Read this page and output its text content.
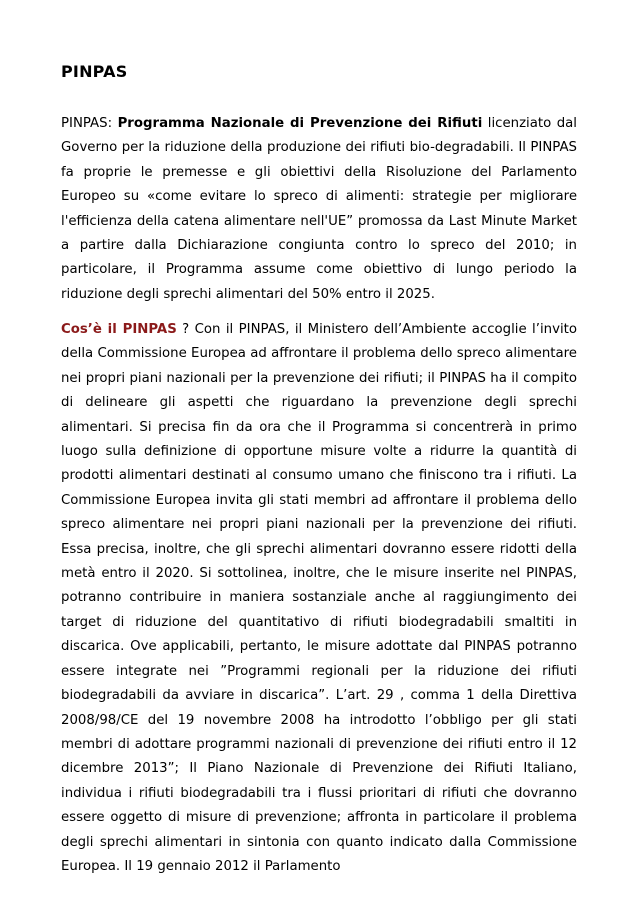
PINPAS

PINPAS: Programma Nazionale di Prevenzione dei Rifiuti licenziato dal Governo per la riduzione della produzione dei rifiuti bio-degradabili. Il PINPAS fa proprie le premesse e gli obiettivi della Risoluzione del Parlamento Europeo su «come evitare lo spreco di alimenti: strategie per migliorare l'efficienza della catena alimentare nell'UE” promossa da Last Minute Market a partire dalla Dichiarazione congiunta contro lo spreco del 2010; in particolare, il Programma assume come obiettivo di lungo periodo la riduzione degli sprechi alimentari del 50% entro il 2025.

Cos’è il PINPAS ? Con il PINPAS, il Ministero dell’Ambiente accoglie l’invito della Commissione Europea ad affrontare il problema dello spreco alimentare nei propri piani nazionali per la prevenzione dei rifiuti; il PINPAS ha il compito di delineare gli aspetti che riguardano la prevenzione degli sprechi alimentari. Si precisa fin da ora che il Programma si concentrerà in primo luogo sulla definizione di opportune misure volte a ridurre la quantità di prodotti alimentari destinati al consumo umano che finiscono tra i rifiuti. La Commissione Europea invita gli stati membri ad affrontare il problema dello spreco alimentare nei propri piani nazionali per la prevenzione dei rifiuti. Essa precisa, inoltre, che gli sprechi alimentari dovranno essere ridotti della metà entro il 2020. Si sottolinea, inoltre, che le misure inserite nel PINPAS, potranno contribuire in maniera sostanziale anche al raggiungimento dei target di riduzione del quantitativo di rifiuti biodegradabili smaltiti in discarica. Ove applicabili, pertanto, le misure adottate dal PINPAS potranno essere integrate nei ”Programmi regionali per la riduzione dei rifiuti biodegradabili da avviare in discarica”. L’art. 29 , comma 1 della Direttiva 2008/98/CE del 19 novembre 2008 ha introdotto l’obbligo per gli stati membri di adottare programmi nazionali di prevenzione dei rifiuti entro il 12 dicembre 2013”; Il Piano Nazionale di Prevenzione dei Rifiuti Italiano, individua i rifiuti biodegradabili tra i flussi prioritari di rifiuti che dovranno essere oggetto di misure di prevenzione; affronta in particolare il problema degli sprechi alimentari in sintonia con quanto indicato dalla Commissione Europea. Il 19 gennaio 2012 il Parlamento
